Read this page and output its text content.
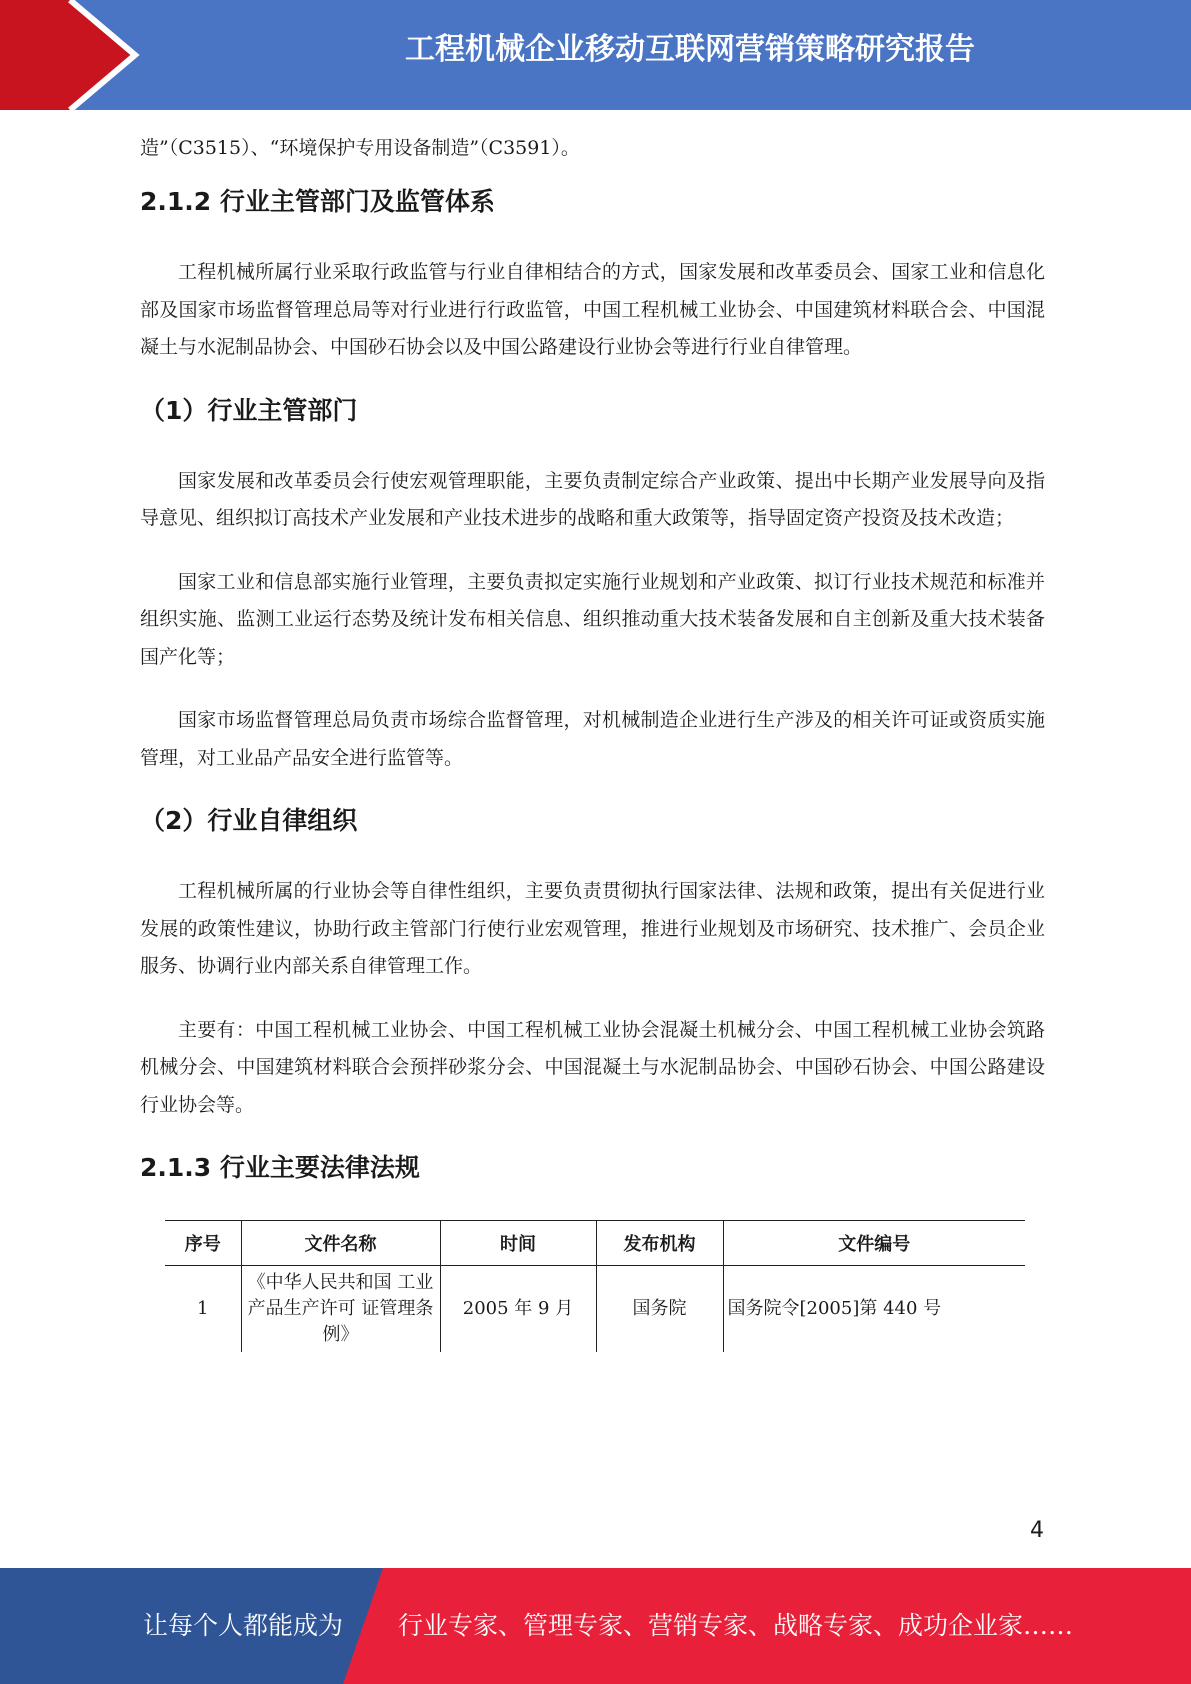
工程机械企业移动互联网营销策略研究报告

造”（C3515）、“环境保护专用设备制造”（C3591）。

2.1.2 行业主管部门及监管体系

工程机械所属行业采取行政监管与行业自律相结合的方式，国家发展和改革委员会、国家工业和信息化部及国家市场监督管理总局等对行业进行行政监管，中国工程机械工业协会、中国建筑材料联合会、中国混凝土与水泥制品协会、中国砂石协会以及中国公路建设行业协会等进行行业自律管理。

（1）行业主管部门

国家发展和改革委员会行使宏观管理职能，主要负责制定综合产业政策、提出中长期产业发展导向及指导意见、组织拟订高技术产业发展和产业技术进步的战略和重大政策等，指导固定资产投资及技术改造；

国家工业和信息部实施行业管理，主要负责拟定实施行业规划和产业政策、拟订行业技术规范和标准并组织实施、监测工业运行态势及统计发布相关信息、组织推动重大技术装备发展和自主创新及重大技术装备国产化等；

国家市场监督管理总局负责市场综合监督管理，对机械制造企业进行生产涉及的相关许可证或资质实施管理，对工业品产品安全进行监管等。

（2）行业自律组织

工程机械所属的行业协会等自律性组织，主要负责贯彻执行国家法律、法规和政策，提出有关促进行业发展的政策性建议，协助行政主管部门行使行业宏观管理，推进行业规划及市场研究、技术推广、会员企业服务、协调行业内部关系自律管理工作。

主要有：中国工程机械工业协会、中国工程机械工业协会混凝土机械分会、中国工程机械工业协会筑路机械分会、中国建筑材料联合会预拌砂浆分会、中国混凝土与水泥制品协会、中国砂石协会、中国公路建设行业协会等。

2.1.3 行业主要法律法规
序号	文件名称	时间	发布机构	文件编号
1	《中华人民共和国 工业产品生产许可 证管理条例》	2005 年 9 月	国务院	国务院令[2005]第 440 号
4
让每个人都能成为 行业专家、管理专家、营销专家、战略专家、成功企业家……
